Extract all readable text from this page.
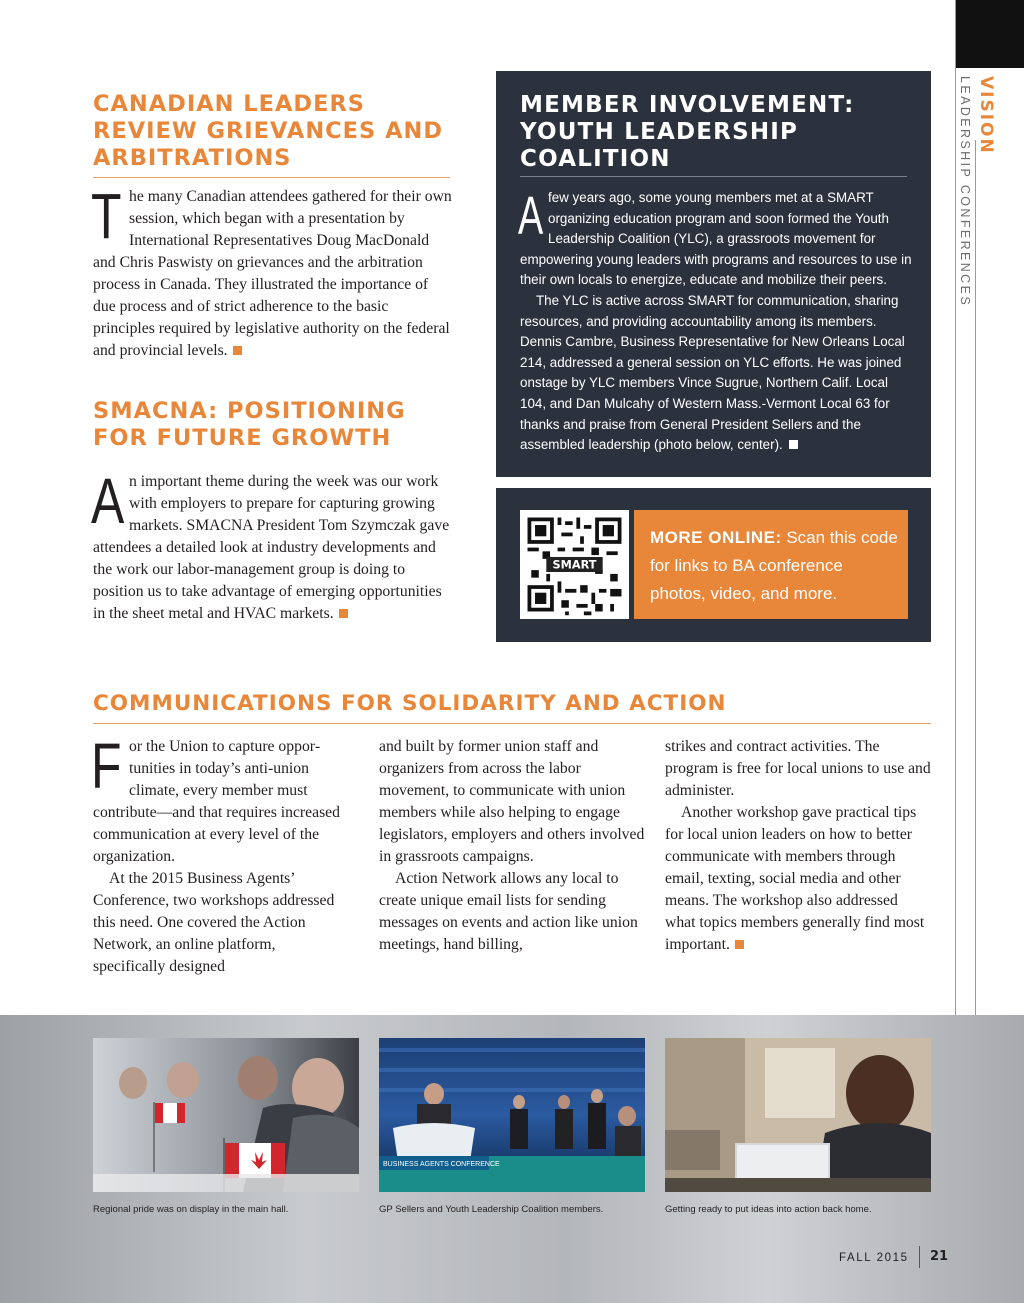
VISION
LEADERSHIP CONFERENCES
CANADIAN LEADERS REVIEW GRIEVANCES AND ARBITRATIONS

The many Canadian attendees gathered for their own session, which began with a presentation by International Representatives Doug MacDonald and Chris Paswisty on grievances and the arbitration process in Canada. They illustrated the importance of due process and of strict adherence to the basic principles required by legislative authority on the federal and provincial levels.

SMACNA: POSITIONING FOR FUTURE GROWTH

An important theme during the week was our work with employers to prepare for capturing growing markets. SMACNA President Tom Szymczak gave attendees a detailed look at industry developments and the work our labor-management group is doing to position us to take advantage of emerging opportunities in the sheet metal and HVAC markets.

MEMBER INVOLVEMENT: YOUTH LEADERSHIP COALITION

Afew years ago, some young members met at a SMART organizing education program and soon formed the Youth Leadership Coalition (YLC), a grassroots movement for empowering young leaders with programs and resources to use in their own locals to energize, educate and mobilize their peers.

The YLC is active across SMART for communication, sharing resources, and providing accountability among its members. Dennis Cambre, Business Representative for New Orleans Local 214, addressed a general session on YLC efforts. He was joined onstage by YLC members Vince Sugrue, Northern Calif. Local 104, and Dan Mulcahy of Western Mass.-Vermont Local 63 for thanks and praise from General President Sellers and the assembled leadership (photo below, center).

SMART
MORE ONLINE: Scan this code for links to BA conference photos, video, and more.
COMMUNICATIONS FOR SOLIDARITY AND ACTION

For the Union to capture opportunities in today’s anti-union climate, every member must contribute—and that requires increased communication at every level of the organization.

At the 2015 Business Agents’ Conference, two workshops addressed this need. One covered the Action Network, an online platform, specifically designed

and built by former union staff and organizers from across the labor movement, to communicate with union members while also helping to engage legislators, employers and others involved in grassroots campaigns.

Action Network allows any local to create unique email lists for sending messages on events and action like union meetings, hand billing,

strikes and contract activities. The program is free for local unions to use and administer.

Another workshop gave practical tips for local union leaders on how to better communicate with members through email, texting, social media and other means. The workshop also addressed what topics members generally find most important.

Regional pride was on display in the main hall.
BUSINESS AGENTS CONFERENCE
GP Sellers and Youth Leadership Coalition members.	Getting ready to put ideas into action back home.
FALL 2015 21
